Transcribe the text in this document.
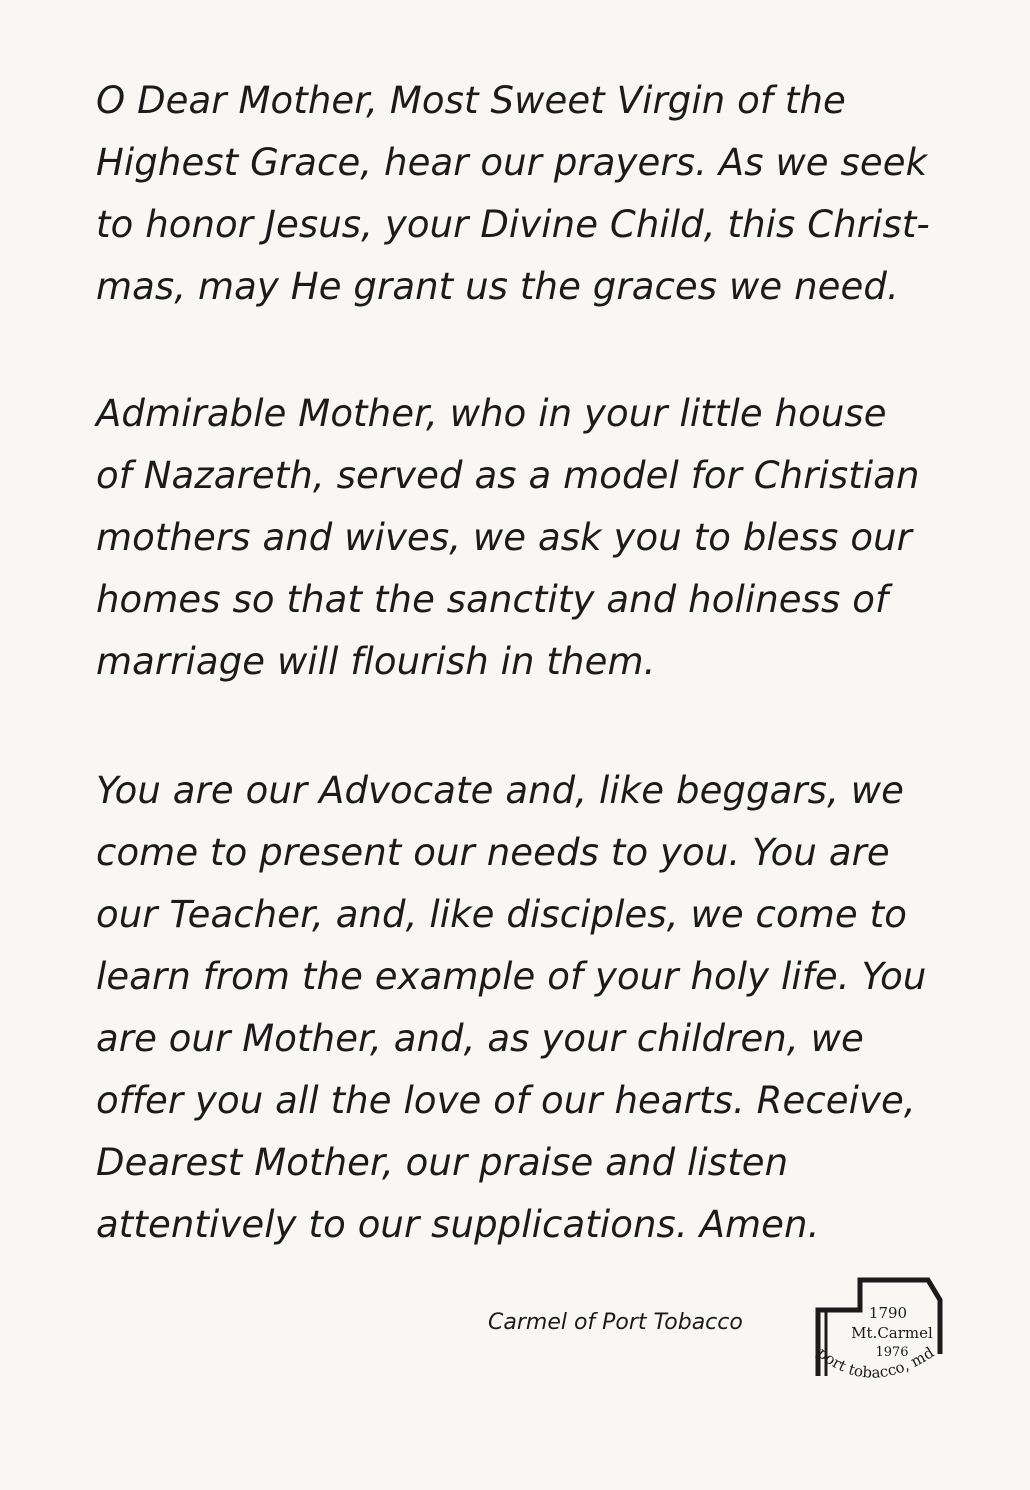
O Dear Mother, Most Sweet Virgin of the
Highest Grace, hear our prayers. As we seek
to honor Jesus, your Divine Child, this Christ-
mas, may He grant us the graces we need.

Admirable Mother, who in your little house
of Nazareth, served as a model for Christian
mothers and wives, we ask you to bless our
homes so that the sanctity and holiness of
marriage will flourish in them.

You are our Advocate and, like beggars, we
come to present our needs to you. You are
our Teacher, and, like disciples, we come to
learn from the example of your holy life. You
are our Mother, and, as your children, we
offer you all the love of our hearts. Receive,
Dearest Mother, our praise and listen
attentively to our supplications. Amen.

Carmel of Port Tobacco	1790
Mt.Carmel
1976
port tobacco, md
